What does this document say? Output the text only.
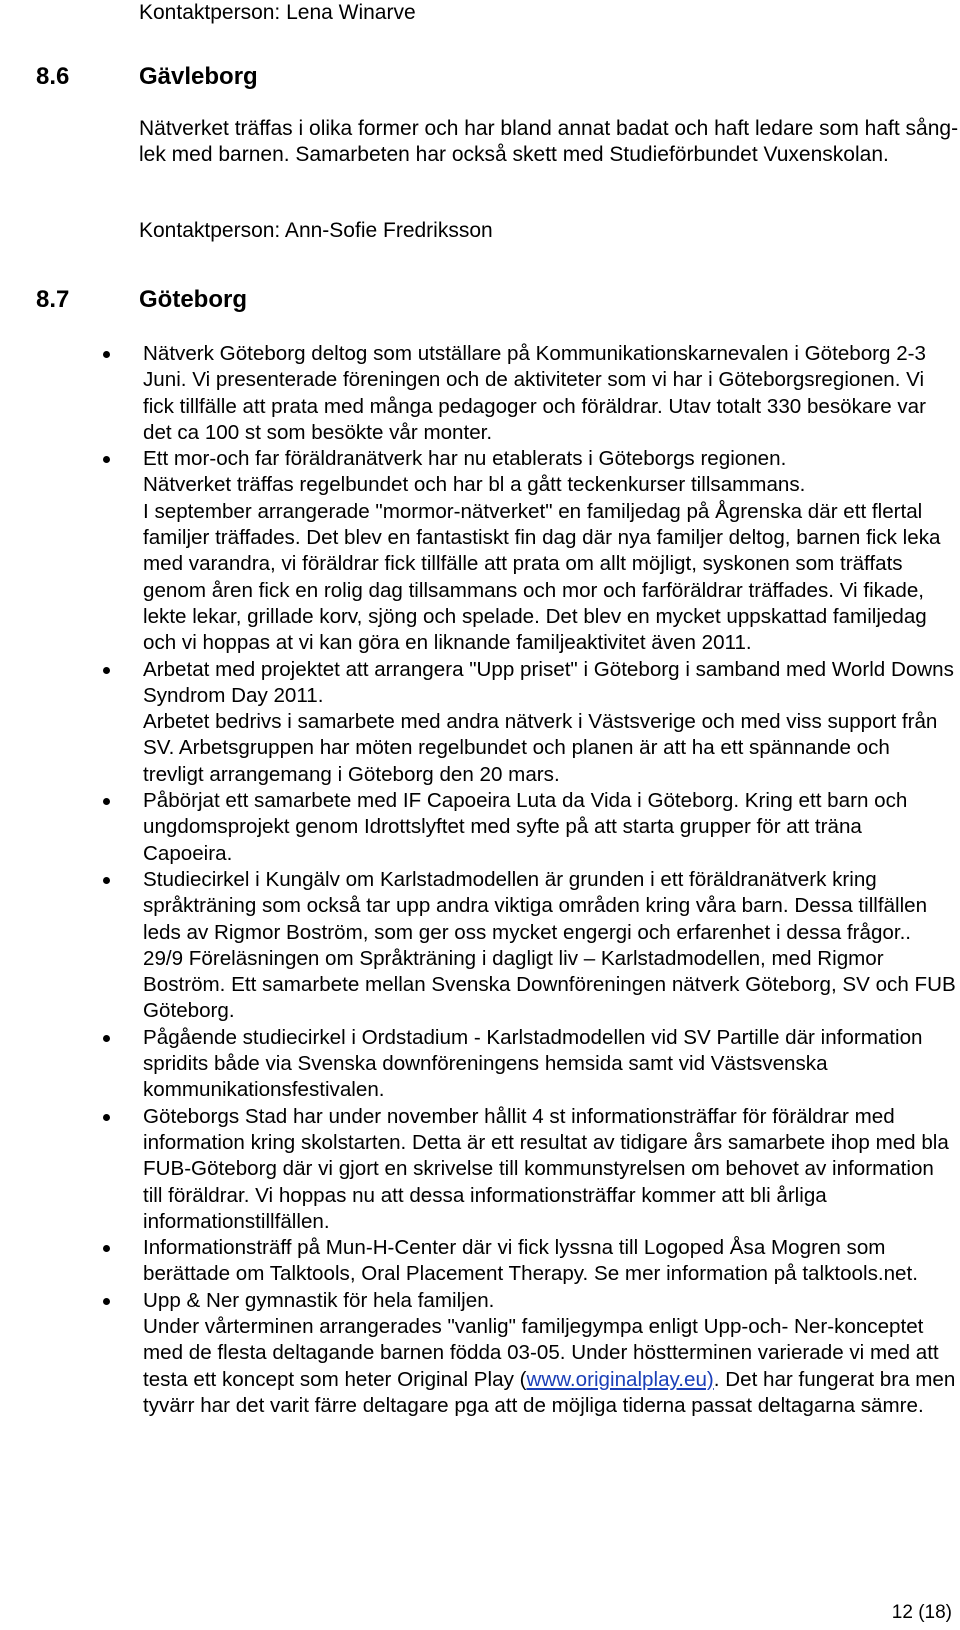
Kontaktperson: Lena Winarve
8.6	Gävleborg
Nätverket träffas i olika former och har bland annat badat och haft ledare som haft sång-lek med barnen. Samarbeten har också skett med Studieförbundet Vuxenskolan.
Kontaktperson: Ann-Sofie Fredriksson
8.7	Göteborg

Nätverk Göteborg deltog som utställare på Kommunikationskarnevalen i Göteborg 2-3 Juni. Vi presenterade föreningen och de aktiviteter som vi har i Göteborgsregionen. Vi fick tillfälle att prata med många pedagoger och föräldrar. Utav totalt 330 besökare var det ca 100 st som besökte vår monter.

Ett mor-och far föräldranätverk har nu etablerats i Göteborgs regionen.

Nätverket träffas regelbundet och har bl a gått teckenkurser tillsammans.

I september arrangerade "mormor-nätverket" en familjedag på Ågrenska där ett flertal familjer träffades. Det blev en fantastiskt fin dag där nya familjer deltog, barnen fick leka med varandra, vi föräldrar fick tillfälle att prata om allt möjligt, syskonen som träffats genom åren fick en rolig dag tillsammans och mor och farföräldrar träffades. Vi fikade, lekte lekar, grillade korv, sjöng och spelade. Det blev en mycket uppskattad familjedag och vi hoppas at vi kan göra en liknande familjeaktivitet även 2011.

Arbetat med projektet att arrangera "Upp priset" i Göteborg i samband med World Downs Syndrom Day 2011.

Arbetet bedrivs i samarbete med andra nätverk i Västsverige och med viss support från SV. Arbetsgruppen har möten regelbundet och planen är att ha ett spännande och trevligt arrangemang i Göteborg den 20 mars.

Påbörjat ett samarbete med IF Capoeira Luta da Vida i Göteborg. Kring ett barn och ungdomsprojekt genom Idrottslyftet med syfte på att starta grupper för att träna Capoeira.

Studiecirkel i Kungälv om Karlstadmodellen är grunden i ett föräldranätverk kring språkträning som också tar upp andra viktiga områden kring våra barn. Dessa tillfällen leds av Rigmor Boström, som ger oss mycket engergi och erfarenhet i dessa frågor.. 29/9 Föreläsningen om Språkträning i dagligt liv – Karlstadmodellen, med Rigmor Boström. Ett samarbete mellan Svenska Downföreningen nätverk Göteborg, SV och FUB Göteborg.

Pågående studiecirkel i Ordstadium - Karlstadmodellen vid SV Partille där information spridits både via Svenska downföreningens hemsida samt vid Västsvenska kommunikationsfestivalen.

Göteborgs Stad har under november hållit 4 st informationsträffar för föräldrar med information kring skolstarten. Detta är ett resultat av tidigare års samarbete ihop med bla FUB-Göteborg där vi gjort en skrivelse till kommunstyrelsen om behovet av information till föräldrar. Vi hoppas nu att dessa informationsträffar kommer att bli årliga informationstillfällen.

Informationsträff på Mun-H-Center där vi fick lyssna till Logoped Åsa Mogren som berättade om Talktools, Oral Placement Therapy. Se mer information på talktools.net.

Upp & Ner gymnastik för hela familjen.

Under vårterminen arrangerades "vanlig" familjegympa enligt Upp-och- Ner-konceptet med de flesta deltagande barnen födda 03-05. Under höstterminen varierade vi med att testa ett koncept som heter Original Play (www.originalplay.eu). Det har fungerat bra men tyvärr har det varit färre deltagare pga att de möjliga tiderna passat deltagarna sämre.

12 (18)
